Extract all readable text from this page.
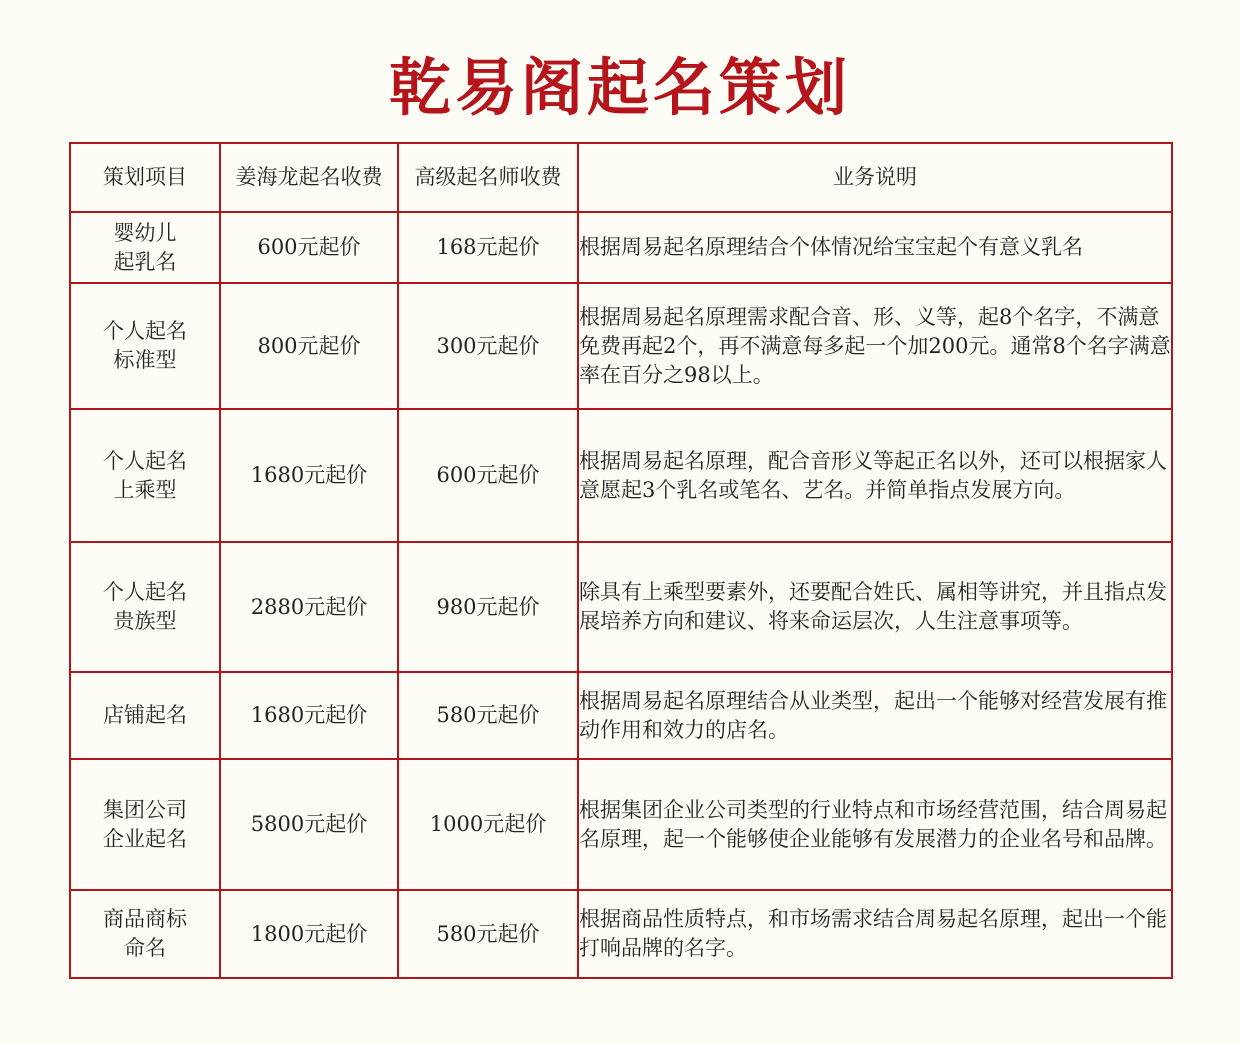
乾易阁起名策划
策划项目	姜海龙起名收费	高级起名师收费	业务说明

婴幼儿
起乳名	600元起价	168元起价	根据周易起名原理结合个体情况给宝宝起个有意义乳名

个人起名
标准型	800元起价	300元起价	根据周易起名原理需求配合音、形、义等，起8个名字，不满意免费再起2个，再不满意每多起一个加200元。通常8个名字满意率在百分之98以上。

个人起名
上乘型	1680元起价	600元起价	根据周易起名原理，配合音形义等起正名以外，还可以根据家人意愿起3个乳名或笔名、艺名。并简单指点发展方向。

个人起名
贵族型	2880元起价	980元起价	除具有上乘型要素外，还要配合姓氏、属相等讲究，并且指点发展培养方向和建议、将来命运层次，人生注意事项等。

店铺起名	1680元起价	580元起价	根据周易起名原理结合从业类型，起出一个能够对经营发展有推动作用和效力的店名。

集团公司
企业起名	5800元起价	1000元起价	根据集团企业公司类型的行业特点和市场经营范围，结合周易起名原理，起一个能够使企业能够有发展潜力的企业名号和品牌。

商品商标
命名	1800元起价	580元起价	根据商品性质特点，和市场需求结合周易起名原理，起出一个能打响品牌的名字。
